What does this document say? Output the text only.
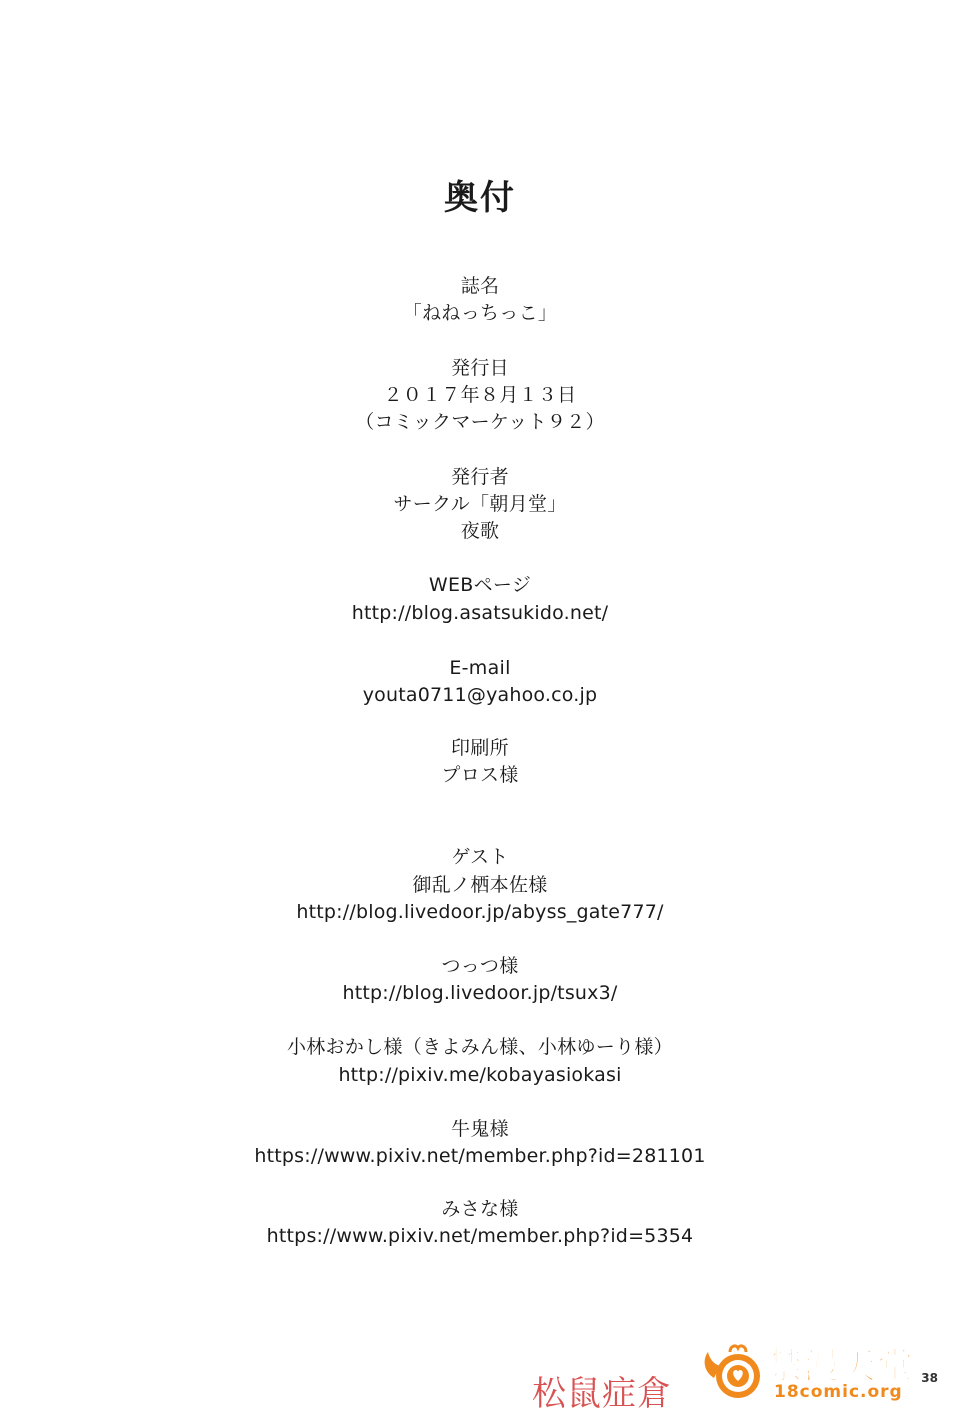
奥付
誌名
「ねねっちっこ」
発行日
２０１７年８月１３日
（コミックマーケット９２）
発行者
サークル「朝月堂」
夜歌
WEBページ
http://blog.asatsukido.net/
E-mail
youta0711@yahoo.co.jp
印刷所
プロス様
ゲスト
御乱ノ栖本佐様
http://blog.livedoor.jp/abyss_gate777/
つっつ様
http://blog.livedoor.jp/tsux3/
小林おかし様（きよみん様、小林ゆーり様）
http://pixiv.me/kobayasiokasi
牛鬼様
https://www.pixiv.net/member.php?id=281101
みさな様
https://www.pixiv.net/member.php?id=5354
松鼠症倉
禁漫天堂
18comic.org
38
